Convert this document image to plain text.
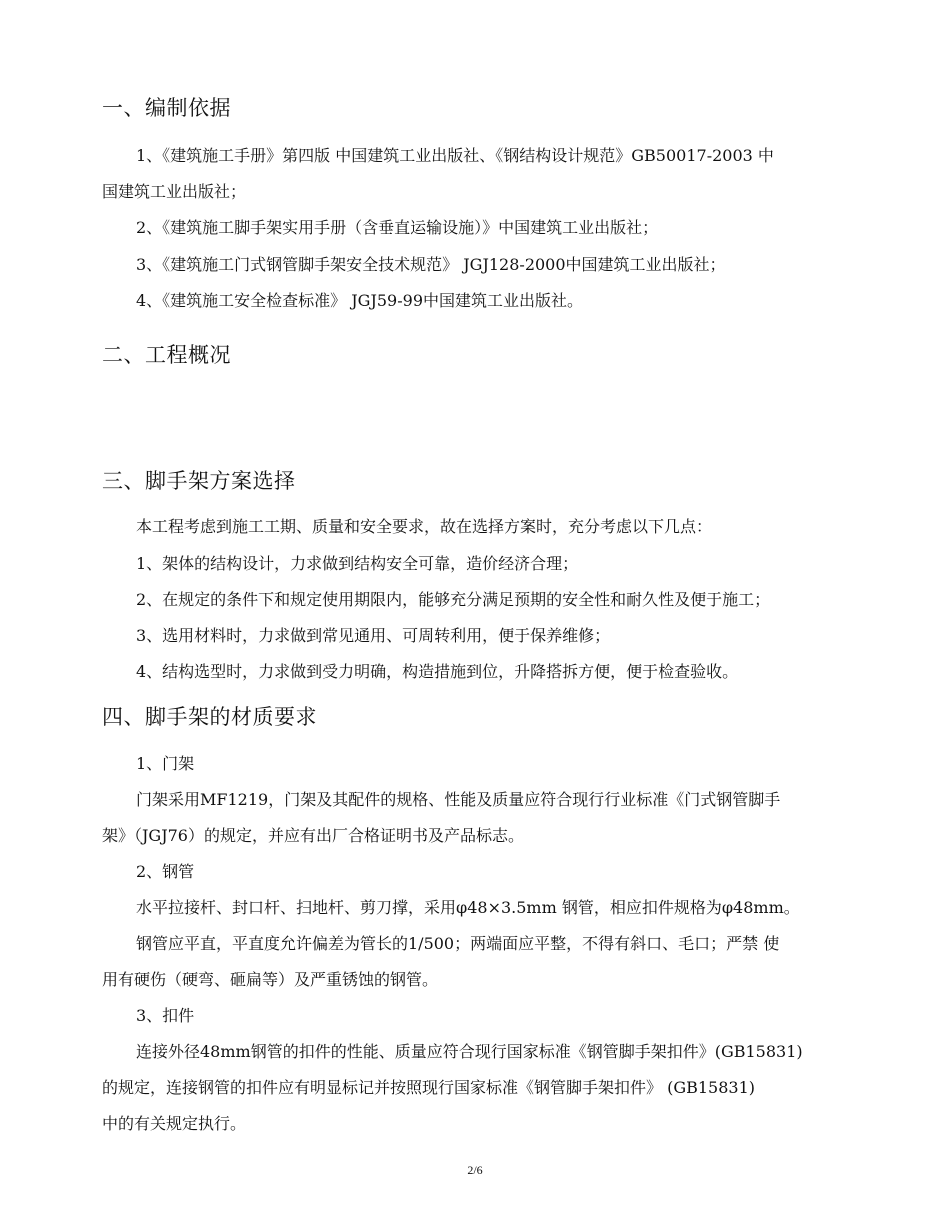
一、编制依据
1、《建筑施工手册》第四版 中国建筑工业出版社、《钢结构设计规范》GB50017-2003 中
国建筑工业出版社；
2、《建筑施工脚手架实用手册（含垂直运输设施）》中国建筑工业出版社；
3、《建筑施工门式钢管脚手架安全技术规范》 JGJ128-2000中国建筑工业出版社；
4、《建筑施工安全检查标准》 JGJ59-99中国建筑工业出版社。
二、工程概况
三、脚手架方案选择
本工程考虑到施工工期、质量和安全要求，故在选择方案时，充分考虑以下几点：
1、架体的结构设计，力求做到结构安全可靠，造价经济合理；
2、在规定的条件下和规定使用期限内，能够充分满足预期的安全性和耐久性及便于施工；
3、选用材料时，力求做到常见通用、可周转利用，便于保养维修；
4、结构选型时，力求做到受力明确，构造措施到位，升降搭拆方便，便于检查验收。
四、脚手架的材质要求
1、门架
门架采用MF1219，门架及其配件的规格、性能及质量应符合现行行业标准《门式钢管脚手
架》（JGJ76）的规定，并应有出厂合格证明书及产品标志。
2、钢管
水平拉接杆、封口杆、扫地杆、剪刀撑，采用φ48×3.5mm 钢管，相应扣件规格为φ48mm。
钢管应平直，平直度允许偏差为管长的1/500；两端面应平整，不得有斜口、毛口；严禁 使
用有硬伤（硬弯、砸扁等）及严重锈蚀的钢管。
3、扣件
连接外径48mm钢管的扣件的性能、质量应符合现行国家标准《钢管脚手架扣件》(GB15831)
的规定，连接钢管的扣件应有明显标记并按照现行国家标准《钢管脚手架扣件》 (GB15831)
中的有关规定执行。
2/6
